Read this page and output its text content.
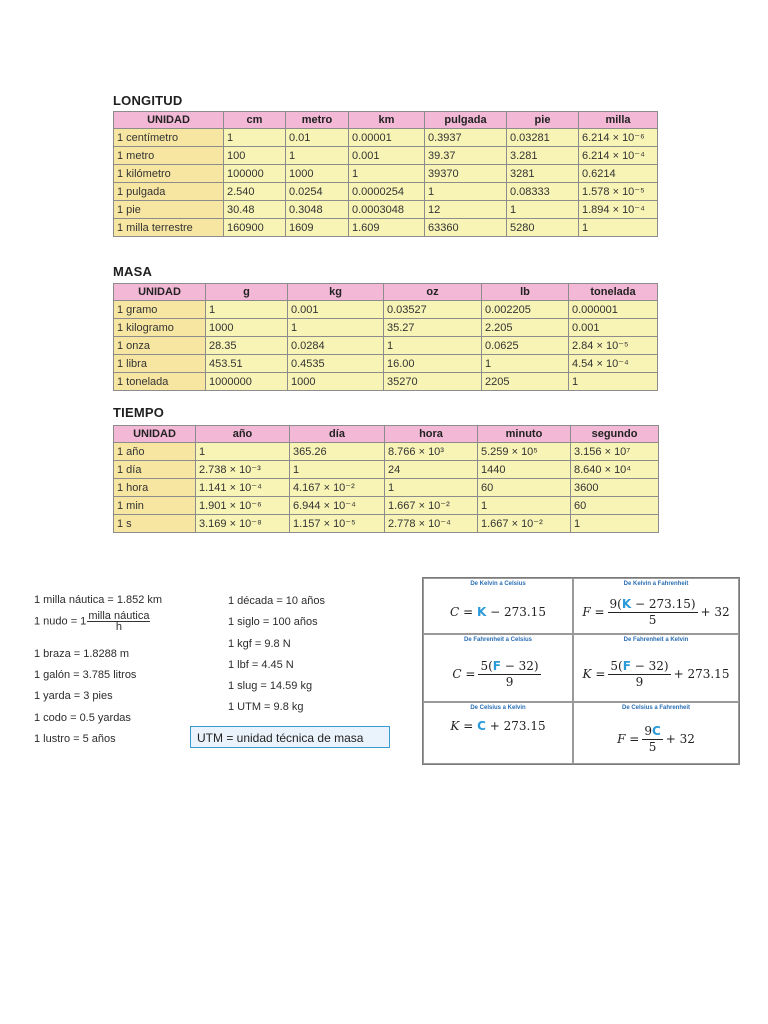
LONGITUD
UNIDAD	cm	metro	km	pulgada	pie	milla
1 centímetro	1	0.01	0.00001	0.3937	0.03281	6.214 × 10⁻⁶
1 metro	100	1	0.001	39.37	3.281	6.214 × 10⁻⁴
1 kilómetro	100000	1000	1	39370	3281	0.6214
1 pulgada	2.540	0.0254	0.0000254	1	0.08333	1.578 × 10⁻⁵
1 pie	30.48	0.3048	0.0003048	12	1	1.894 × 10⁻⁴
1 milla terrestre	160900	1609	1.609	63360	5280	1
MASA
UNIDAD	g	kg	oz	lb	tonelada
1 gramo	1	0.001	0.03527	0.002205	0.000001
1 kilogramo	1000	1	35.27	2.205	0.001
1 onza	28.35	0.0284	1	0.0625	2.84 × 10⁻⁵
1 libra	453.51	0.4535	16.00	1	4.54 × 10⁻⁴
1 tonelada	1000000	1000	35270	2205	1
TIEMPO
UNIDAD	año	día	hora	minuto	segundo
1 año	1	365.26	8.766 × 10³	5.259 × 10⁵	3.156 × 10⁷
1 día	2.738 × 10⁻³	1	24	1440	8.640 × 10⁴
1 hora	1.141 × 10⁻⁴	4.167 × 10⁻²	1	60	3600
1 min	1.901 × 10⁻⁶	6.944 × 10⁻⁴	1.667 × 10⁻²	1	60
1 s	3.169 × 10⁻⁸	1.157 × 10⁻⁵	2.778 × 10⁻⁴	1.667 × 10⁻²	1
1 milla náutica = 1.852 km
1 nudo = $1 \frac{\text{milla náutica}}{h}$
1 braza = 1.8288 m
1 galón = 3.785 litros
1 yarda = 3 pies
1 codo = 0.5 yardas
1 lustro = 5 años
1 década = 10 años
1 siglo = 100 años
1 kgf = 9.8 N
1 lbf = 4.45 N
1 slug = 14.59 kg
1 UTM = 9.8 kg
UTM = unidad técnica de masa
De Kelvin a Celsius
C
=
K
− 273.15
De Kelvin a Fahrenheit
F
= $\frac{9(K - 273.15)}{5} + 32$
De Fahrenheit a Celsius
C
= $\frac{5(F - 32)}{9}$
De Fahrenheit a Kelvin
K
= $\frac{5(F - 32)}{9} + 273.15$
De Celsius a Kelvin
K
=
C
+ 273.15
De Celsius a Fahrenheit
F
= $\frac{9C}{5} + 32$
